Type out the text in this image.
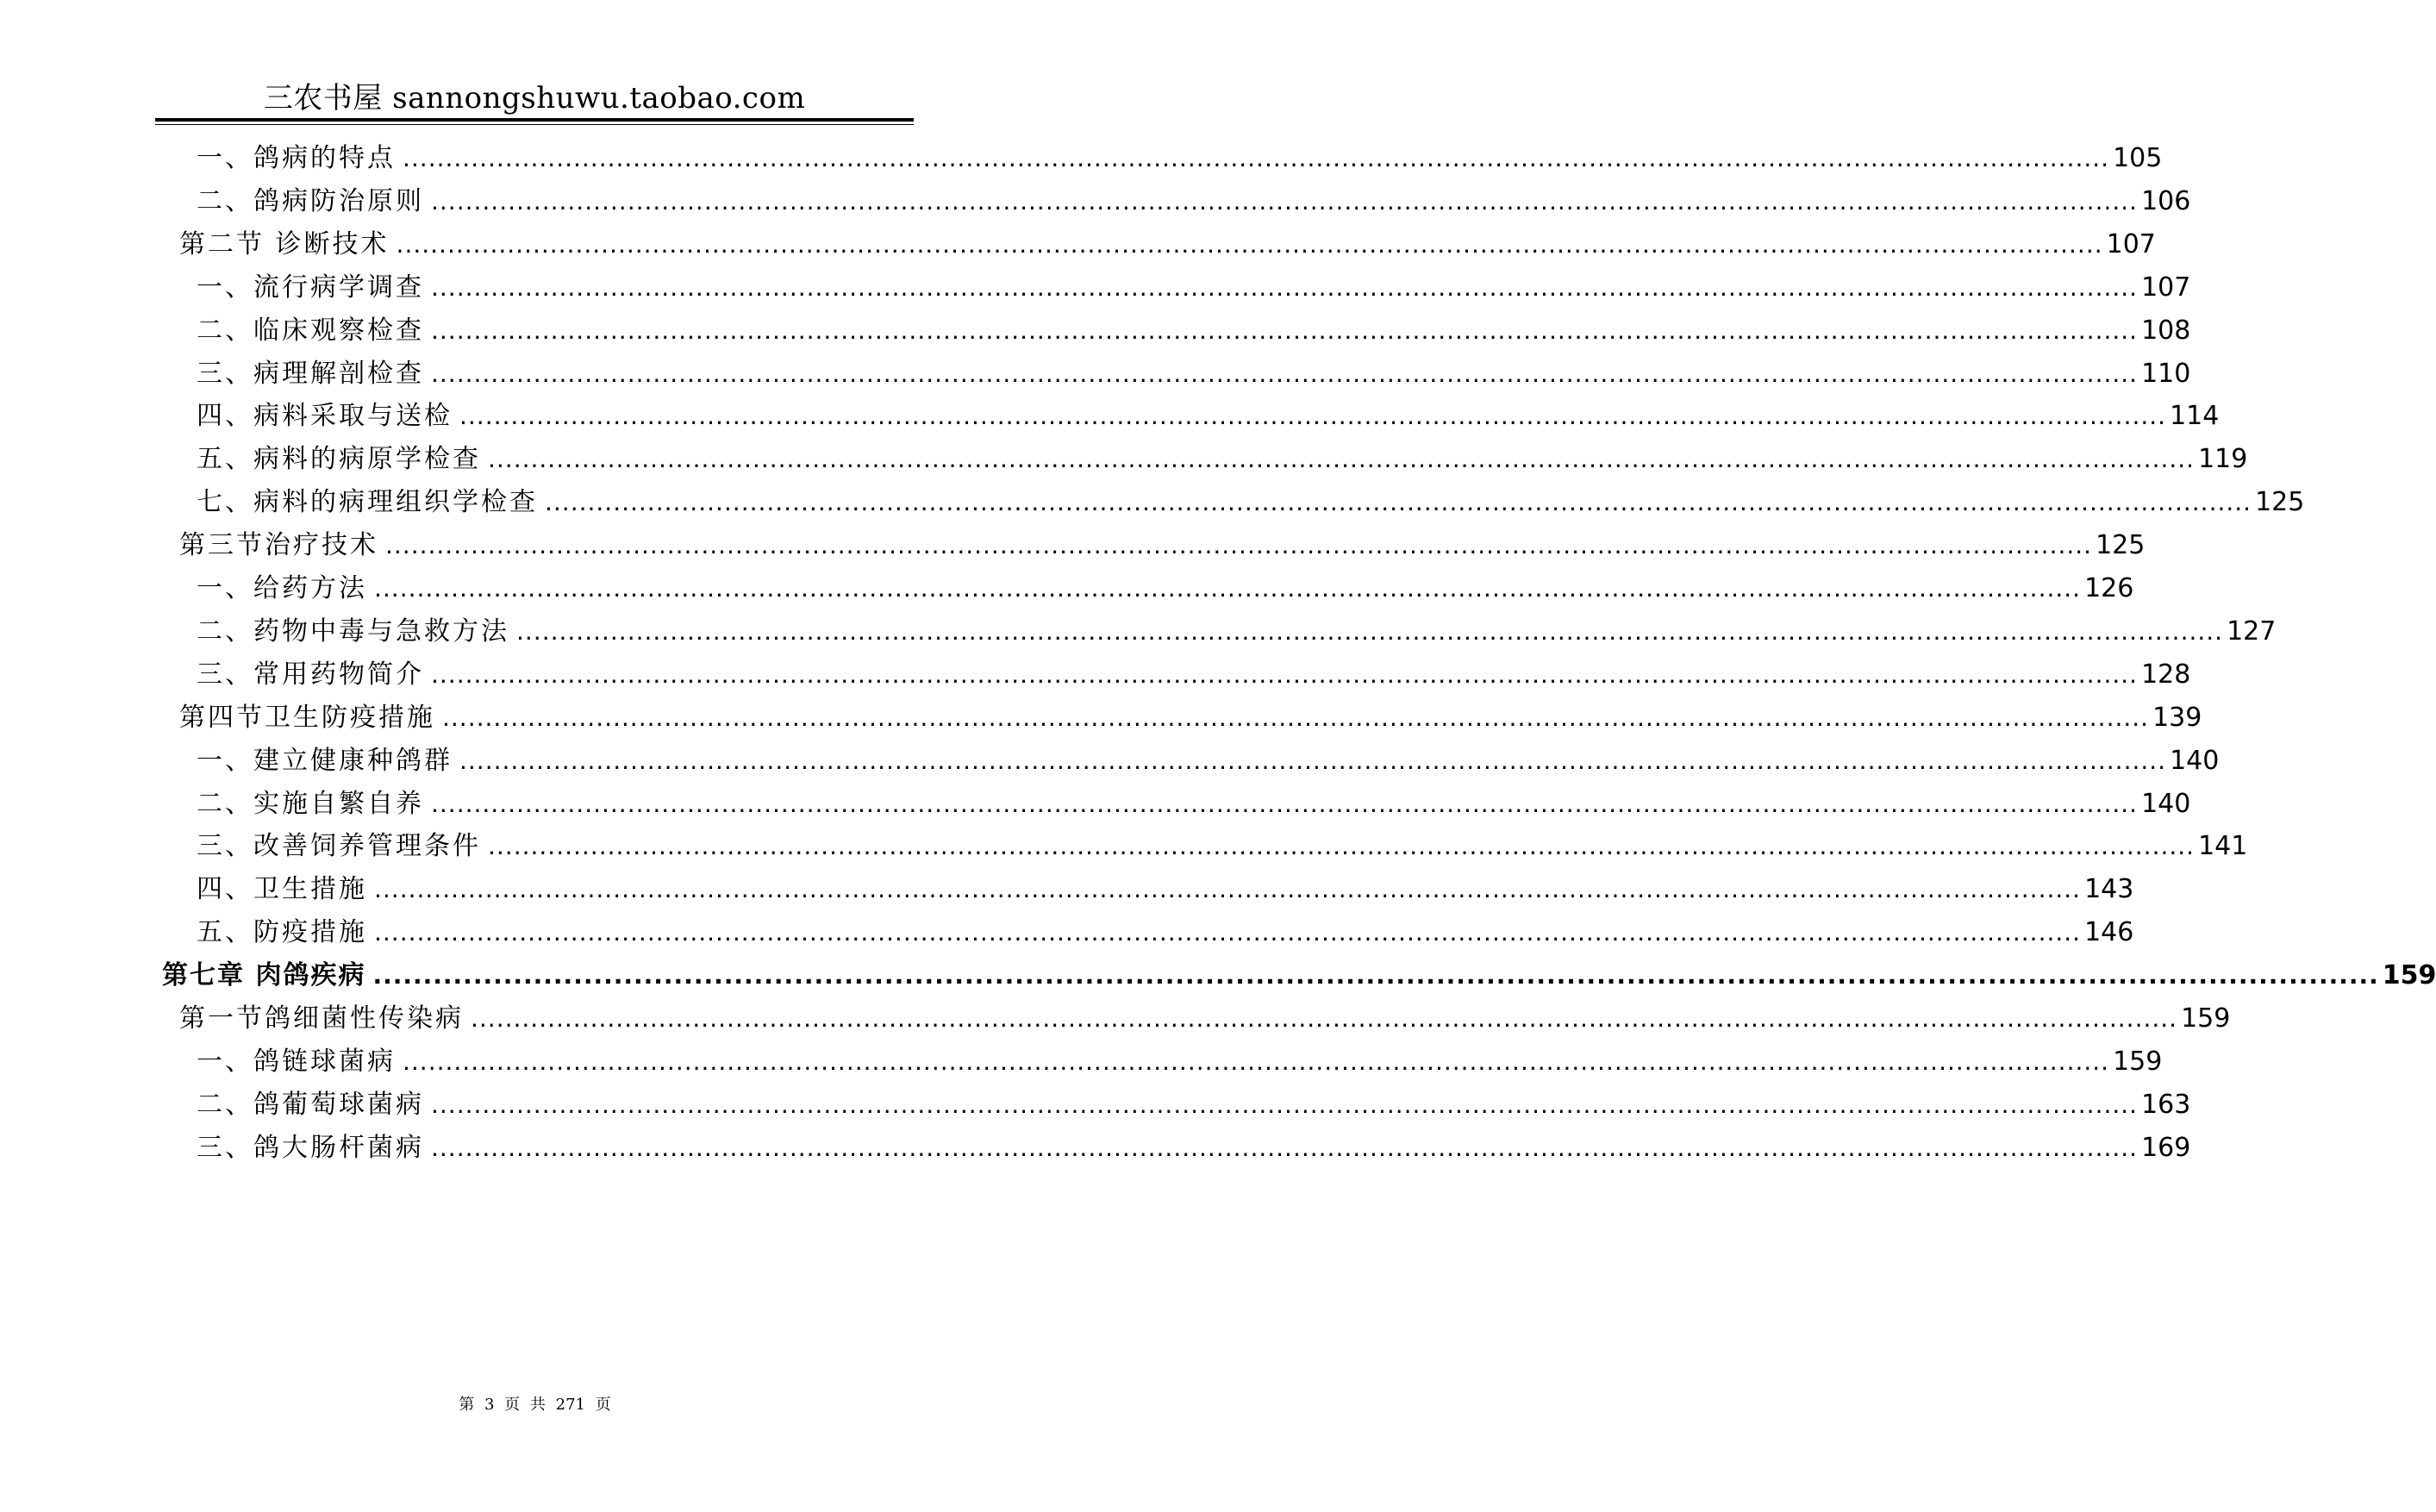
三农书屋 sannongshuwu.taobao.com
一、鸽病的特点 ........................................................................................................................................................................................................ 105
二、鸽病防治原则 ........................................................................................................................................................................................................ 106
第二节 诊断技术 ........................................................................................................................................................................................................ 107
一、流行病学调查 ........................................................................................................................................................................................................ 107
二、临床观察检查 ........................................................................................................................................................................................................ 108
三、病理解剖检查 ........................................................................................................................................................................................................ 110
四、病料采取与送检 ........................................................................................................................................................................................................ 114
五、病料的病原学检查 ........................................................................................................................................................................................................ 119
七、病料的病理组织学检查 ........................................................................................................................................................................................................ 125
第三节治疗技术 ........................................................................................................................................................................................................ 125
一、给药方法 ........................................................................................................................................................................................................ 126
二、药物中毒与急救方法 ........................................................................................................................................................................................................ 127
三、常用药物简介 ........................................................................................................................................................................................................ 128
第四节卫生防疫措施 ........................................................................................................................................................................................................ 139
一、建立健康种鸽群 ........................................................................................................................................................................................................ 140
二、实施自繁自养 ........................................................................................................................................................................................................ 140
三、改善饲养管理条件 ........................................................................................................................................................................................................ 141
四、卫生措施 ........................................................................................................................................................................................................ 143
五、防疫措施 ........................................................................................................................................................................................................ 146
第七章 肉鸽疾病 ........................................................................................................................................................................................................ 159
第一节鸽细菌性传染病 ........................................................................................................................................................................................................ 159
一、鸽链球菌病 ........................................................................................................................................................................................................ 159
二、鸽葡萄球菌病 ........................................................................................................................................................................................................ 163
三、鸽大肠杆菌病 ........................................................................................................................................................................................................ 169
第 3 页 共 271 页
